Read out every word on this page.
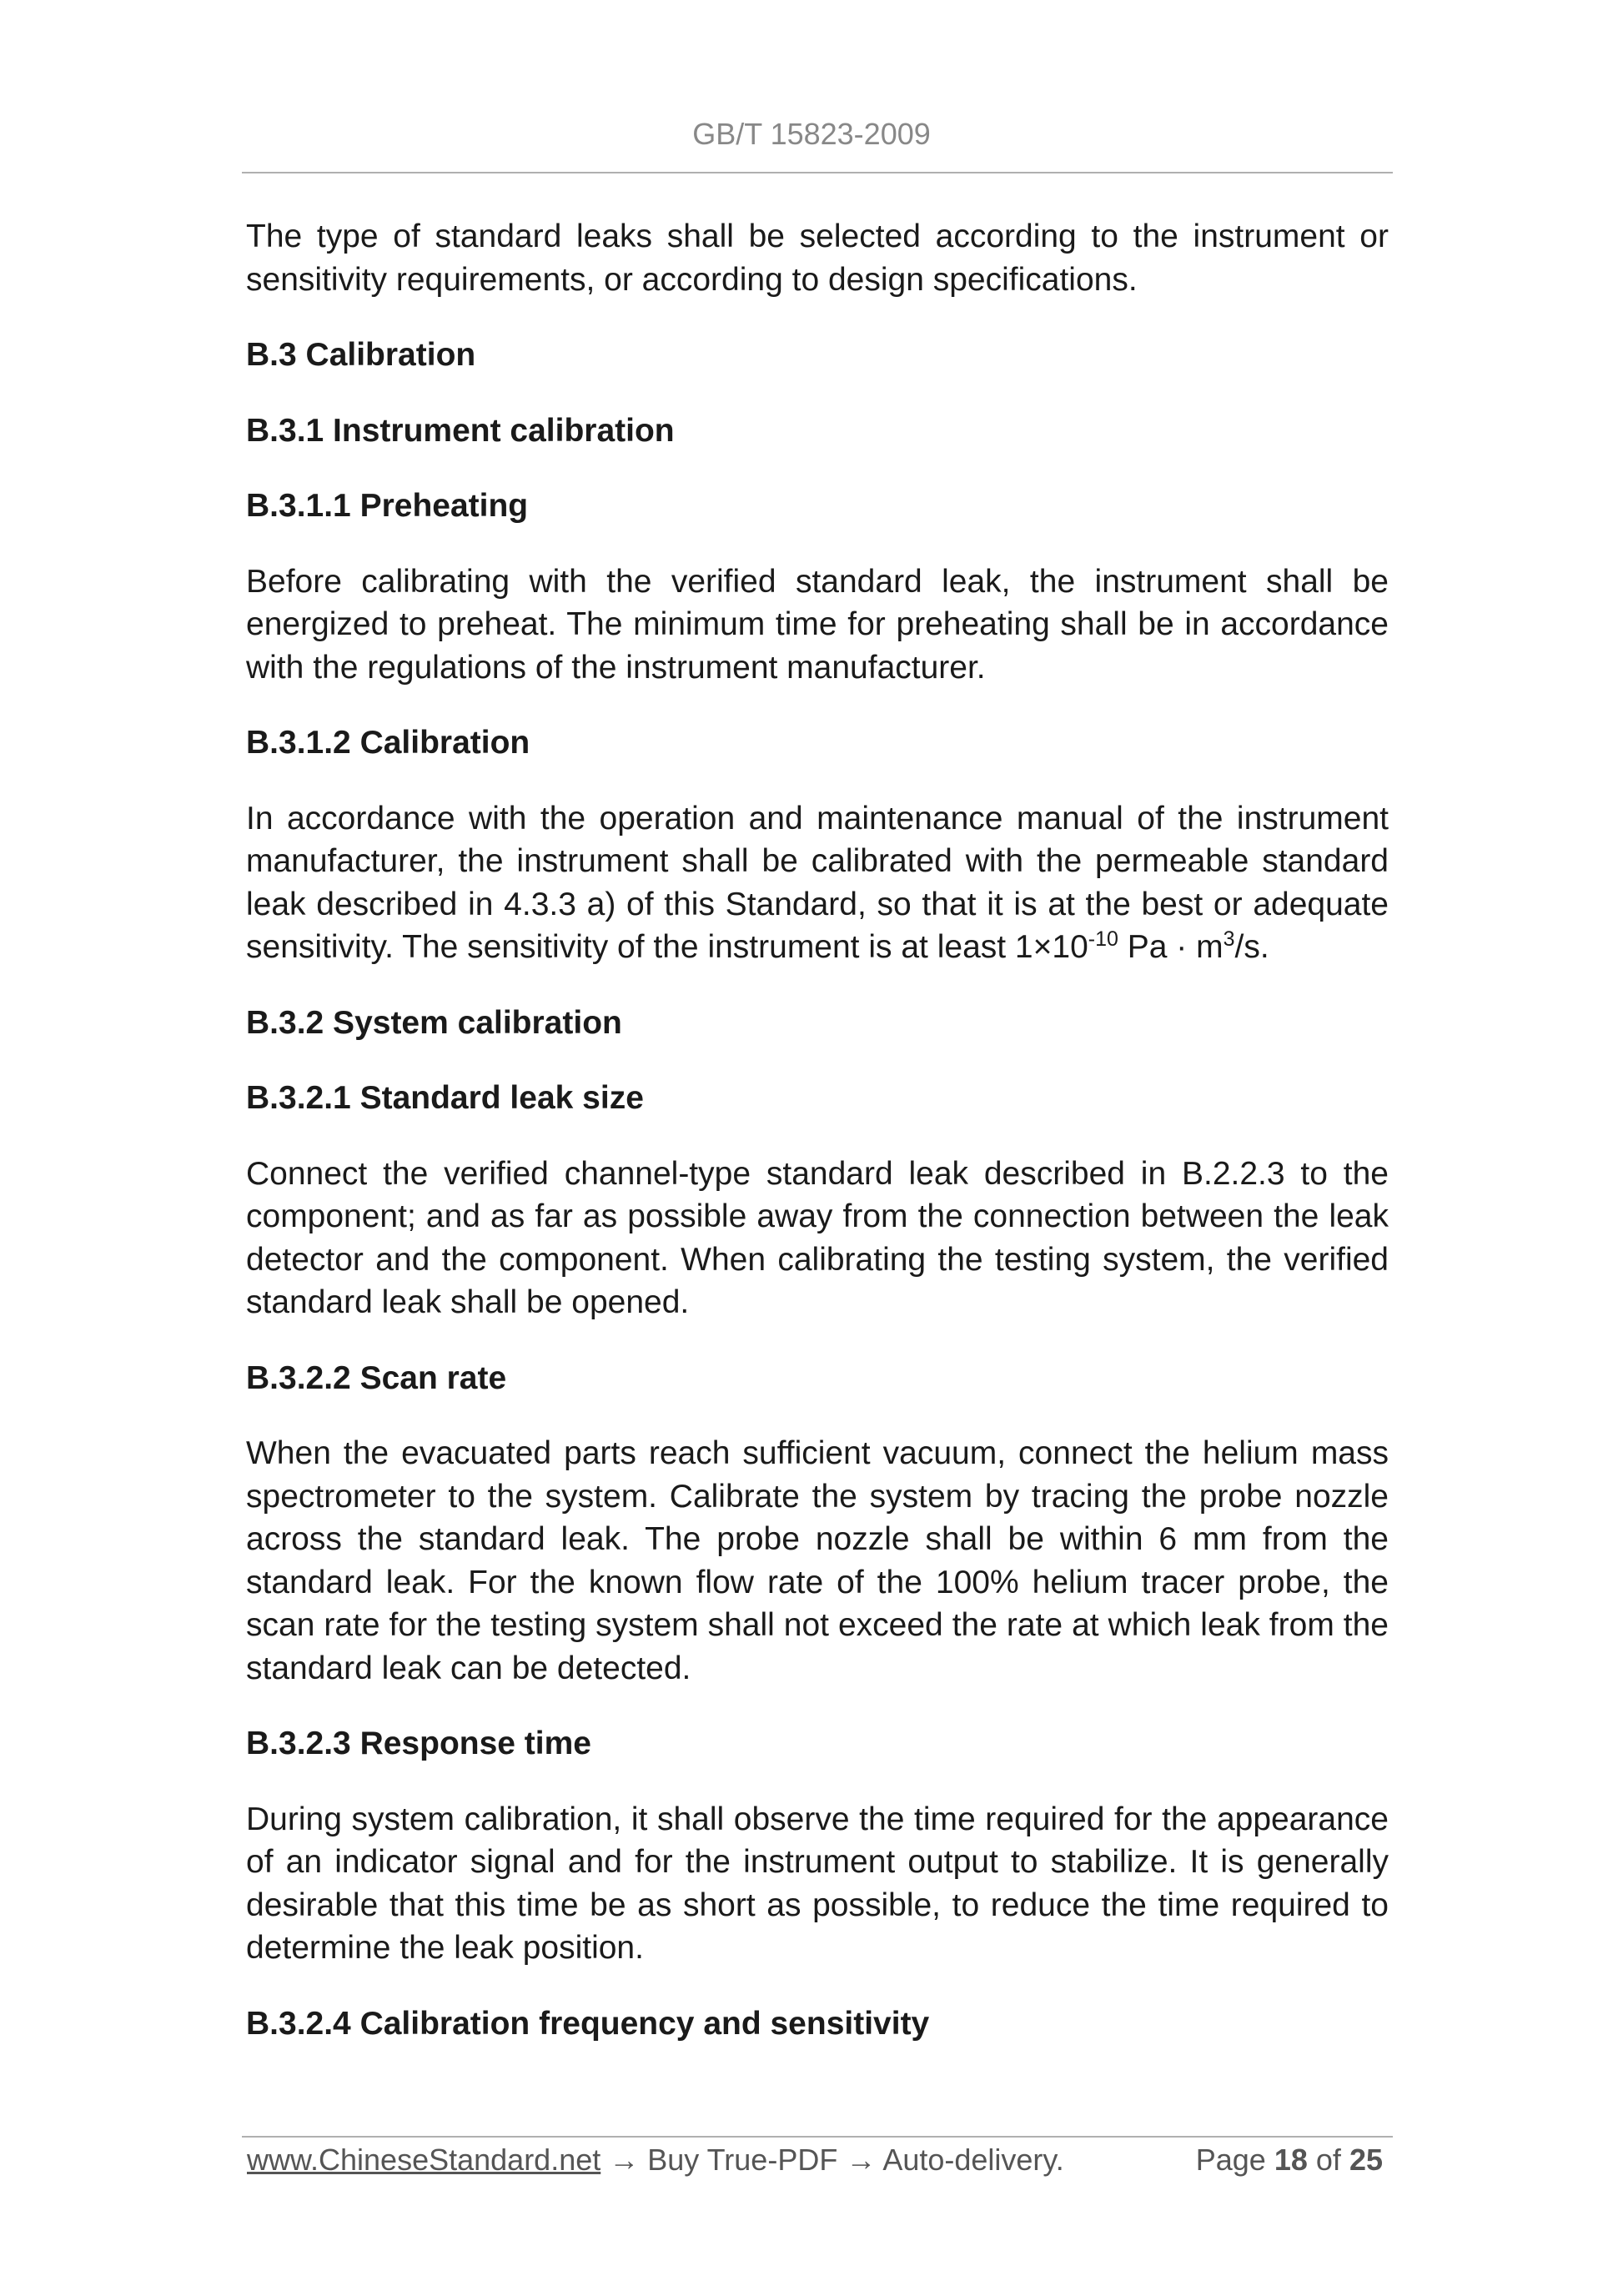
GB/T 15823-2009

The type of standard leaks shall be selected according to the instrument or sensitivity requirements, or according to design specifications.

B.3 Calibration
B.3.1 Instrument calibration
B.3.1.1 Preheating

Before calibrating with the verified standard leak, the instrument shall be energized to preheat. The minimum time for preheating shall be in accordance with the regulations of the instrument manufacturer.

B.3.1.2 Calibration

In accordance with the operation and maintenance manual of the instrument manufacturer, the instrument shall be calibrated with the permeable standard leak described in 4.3.3 a) of this Standard, so that it is at the best or adequate sensitivity. The sensitivity of the instrument is at least $1\times 10^{-10}$ $Pa \cdot m^3/s$.

B.3.2 System calibration
B.3.2.1 Standard leak size

Connect the verified channel-type standard leak described in B.2.2.3 to the component; and as far as possible away from the connection between the leak detector and the component. When calibrating the testing system, the verified standard leak shall be opened.

B.3.2.2 Scan rate

When the evacuated parts reach sufficient vacuum, connect the helium mass spectrometer to the system. Calibrate the system by tracing the probe nozzle across the standard leak. The probe nozzle shall be within 6 mm from the standard leak. For the known flow rate of the 100% helium tracer probe, the scan rate for the testing system shall not exceed the rate at which leak from the standard leak can be detected.

B.3.2.3 Response time

During system calibration, it shall observe the time required for the appearance of an indicator signal and for the instrument output to stabilize. It is generally desirable that this time be as short as possible, to reduce the time required to determine the leak position.

B.3.2.4 Calibration frequency and sensitivity
www.ChineseStandard.net → Buy True-PDF → Auto-delivery.	Page 18 of 25
